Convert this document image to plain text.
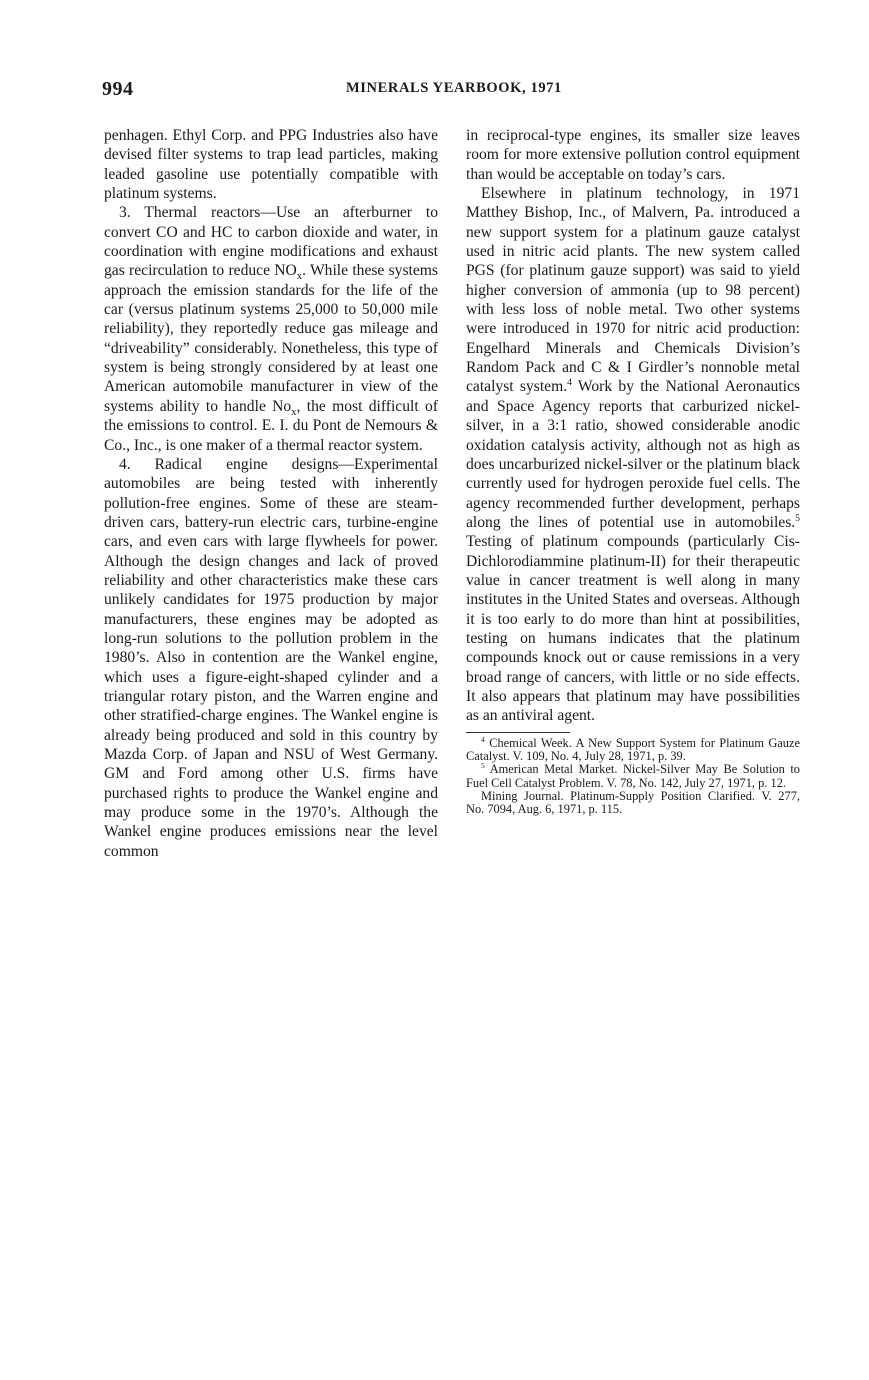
994	MINERALS YEARBOOK, 1971

penhagen. Ethyl Corp. and PPG Industries also have devised filter systems to trap lead particles, making leaded gasoline use potentially compatible with platinum systems.

3. Thermal reactors—Use an afterburner to convert CO and HC to carbon dioxide and water, in coordination with engine modifications and exhaust gas recirculation to reduce $NO_x$. While these systems approach the emission standards for the life of the car (versus platinum systems 25,000 to 50,000 mile reliability), they reportedly reduce gas mileage and “driveability” considerably. Nonetheless, this type of system is being strongly considered by at least one American automobile manufacturer in view of the systems ability to handle $No_x$, the most difficult of the emissions to control. E. I. du Pont de Nemours & Co., Inc., is one maker of a thermal reactor system.

4. Radical engine designs—Experimental automobiles are being tested with inherently pollution-free engines. Some of these are steam-driven cars, battery-run electric cars, turbine-engine cars, and even cars with large flywheels for power. Although the design changes and lack of proved reliability and other characteristics make these cars unlikely candidates for 1975 production by major manufacturers, these engines may be adopted as long-run solutions to the pollution problem in the 1980’s. Also in contention are the Wankel engine, which uses a figure-eight-shaped cylinder and a triangular rotary piston, and the Warren engine and other stratified-charge engines. The Wankel engine is already being produced and sold in this country by Mazda Corp. of Japan and NSU of West Germany. GM and Ford among other U.S. firms have purchased rights to produce the Wankel engine and may produce some in the 1970’s. Although the Wankel engine produces emissions near the level common

in reciprocal-type engines, its smaller size leaves room for more extensive pollution control equipment than would be acceptable on today’s cars.

Elsewhere in platinum technology, in 1971 Matthey Bishop, Inc., of Malvern, Pa. introduced a new support system for a platinum gauze catalyst used in nitric acid plants. The new system called PGS (for platinum gauze support) was said to yield higher conversion of ammonia (up to 98 percent) with less loss of noble metal. Two other systems were introduced in 1970 for nitric acid production: Engelhard Minerals and Chemicals Division’s Random Pack and C & I Girdler’s nonnoble metal catalyst system.$^4$ Work by the National Aeronautics and Space Agency reports that carburized nickel-silver, in a 3:1 ratio, showed considerable anodic oxidation catalysis activity, although not as high as does uncarburized nickel-silver or the platinum black currently used for hydrogen peroxide fuel cells. The agency recommended further development, perhaps along the lines of potential use in automobiles.$^5$ Testing of platinum compounds (particularly Cis-Dichlorodiammine platinum-II) for their therapeutic value in cancer treatment is well along in many institutes in the United States and overseas. Although it is too early to do more than hint at possibilities, testing on humans indicates that the platinum compounds knock out or cause remissions in a very broad range of cancers, with little or no side effects. It also appears that platinum may have possibilities as an antiviral agent.

$^4$ Chemical Week. A New Support System for Platinum Gauze Catalyst. V. 109, No. 4, July 28, 1971, p. 39.

$^5$ American Metal Market. Nickel-Silver May Be Solution to Fuel Cell Catalyst Problem. V. 78, No. 142, July 27, 1971, p. 12.

Mining Journal. Platinum-Supply Position Clarified. V. 277, No. 7094, Aug. 6, 1971, p. 115.
